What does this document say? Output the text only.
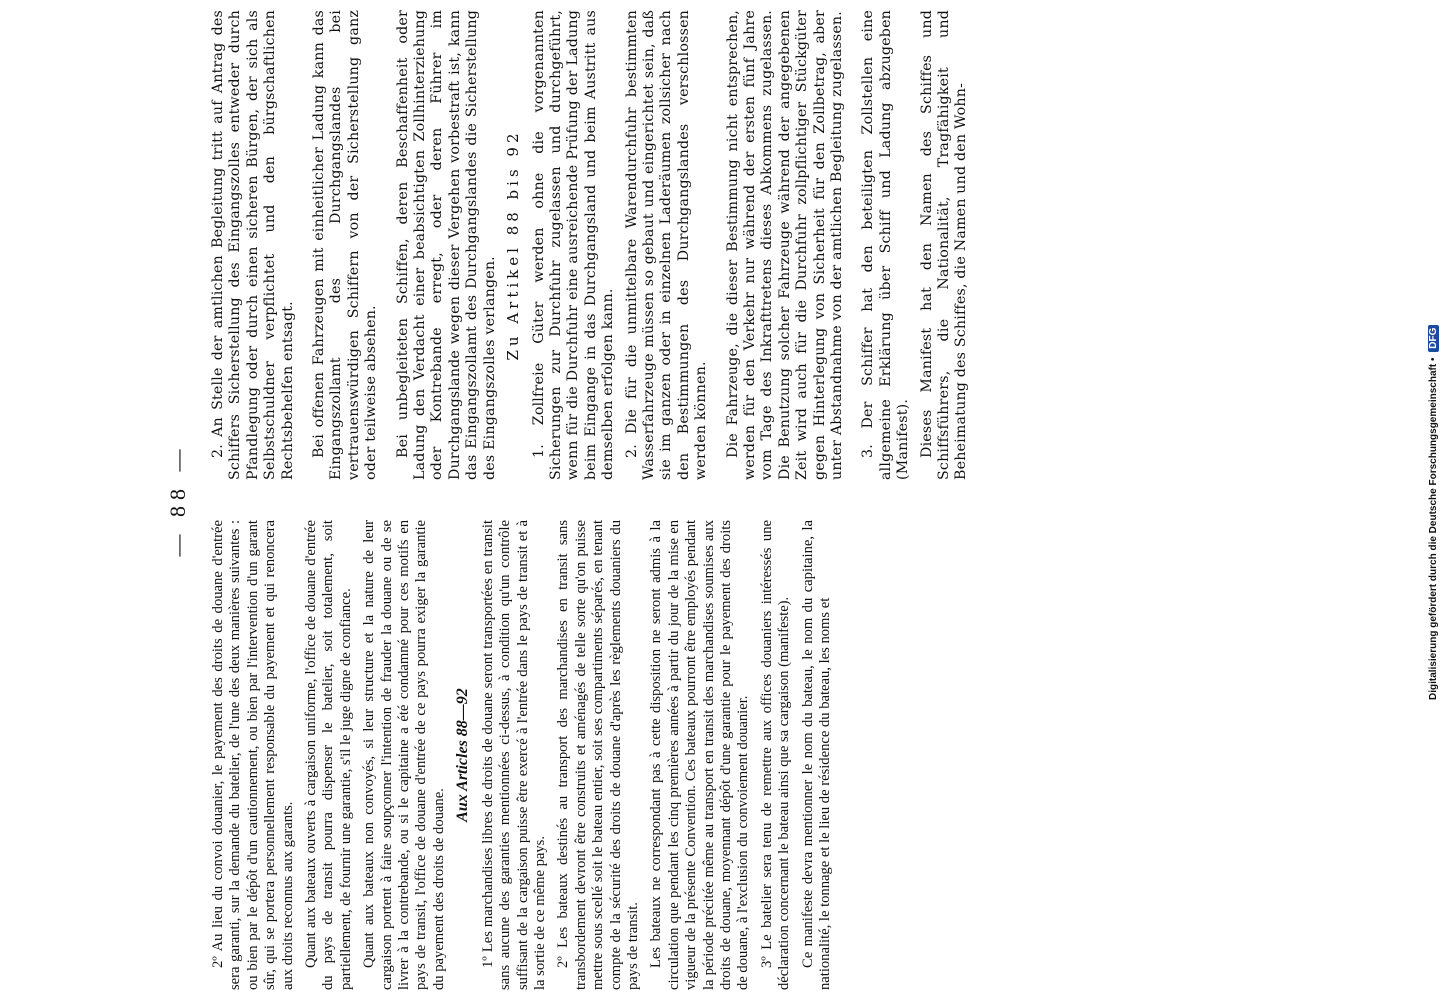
— 88 —

2º Au lieu du convoi douanier, le payement des droits de douane d'entrée sera garanti, sur la demande du batelier, de l'une des deux manières suivantes : ou bien par le dépôt d'un cautionnement, ou bien par l'intervention d'un garant sûr, qui se portera personnellement responsable du payement et qui renoncera aux droits reconnus aux garants. Quant aux bateaux ouverts à cargaison uniforme, l'office de douane d'entrée du pays de transit pourra dispenser le batelier, soit totalement, soit partiellement, de fournir une garantie, s'il le juge digne de confiance. Quant aux bateaux non convoyés, si leur structure et la nature de leur cargaison portent à faire soupçonner l'intention de frauder la douane ou de se livrer à la contrebande, ou si le capitaine a été condamné pour ces motifs en pays de transit, l'office de douane d'entrée de ce pays pourra exiger la garantie du payement des droits de douane.

Aux Articles 88—92 1º Les marchandises libres de droits de douane seront transportées en transit sans aucune des garanties mentionnées ci-dessus, à condition qu'un contrôle suffisant de la cargaison puisse être exercé à l'entrée dans le pays de transit et à la sortie de ce même pays. 2º Les bateaux destinés au transport des marchandises en transit sans transbordement devront être construits et aménagés de telle sorte qu'on puisse mettre sous scellé soit le bateau entier, soit ses compartiments séparés, en tenant compte de la sécurité des droits de douane d'après les règlements douaniers du pays de transit. Les bateaux ne correspondant pas à cette disposition ne seront admis à la circulation que pendant les cinq premières années à partir du jour de la mise en vigueur de la présente Convention. Ces bateaux pourront être employés pendant la période précitée même au transport en transit des marchandises soumises aux droits de douane, moyennant dépôt d'une garantie pour le payement des droits de douane, à l'exclusion du convoiement douanier. 3º Le batelier sera tenu de remettre aux offices douaniers intéressés une déclaration concernant le bateau ainsi que sa cargaison (manifeste). Ce manifeste devra mentionner le nom du bateau, le nom du capitaine, la nationalité, le tonnage et le lieu de résidence du bateau, les noms et

2. An Stelle der amtlichen Begleitung tritt auf Antrag des Schiffers Sicherstellung des Eingangszolles entweder durch Pfandlegung oder durch einen sicheren Bürgen, der sich als Selbstschuldner verpflichtet und den bürgschaftlichen Rechtsbehelfen entsagt. Bei offenen Fahrzeugen mit einheitlicher Ladung kann das Eingangszollamt des Durchgangslandes bei vertrauenswürdigen Schiffern von der Sicherstellung ganz oder teilweise absehen. Bei unbegleiteten Schiffen, deren Beschaffenheit oder Ladung den Verdacht einer beabsichtigten Zollhinterziehung oder Kontrebande erregt, oder deren Führer im Durchgangslande wegen dieser Vergehen vorbestraft ist, kann das Eingangszollamt des Durchgangslandes die Sicherstellung des Eingangszolles verlangen.

Zu Artikel 88 bis 92 1. Zollfreie Güter werden ohne die vorgenannten Sicherungen zur Durchfuhr zugelassen und durchgeführt, wenn für die Durchfuhr eine ausreichende Prüfung der Ladung beim Eingange in das Durchgangsland und beim Austritt aus demselben erfolgen kann. 2. Die für die unmittelbare Warendurchfuhr bestimmten Wasserfahrzeuge müssen so gebaut und eingerichtet sein, daß sie im ganzen oder in einzelnen Laderäumen zollsicher nach den Bestimmungen des Durchgangslandes verschlossen werden können. Die Fahrzeuge, die dieser Bestimmung nicht entsprechen, werden für den Verkehr nur während der ersten fünf Jahre vom Tage des Inkrafttretens dieses Abkommens zugelassen. Die Benutzung solcher Fahrzeuge während der angegebenen Zeit wird auch für die Durchfuhr zollpflichtiger Stückgüter gegen Hinterlegung von Sicherheit für den Zollbetrag, aber unter Abstandnahme von der amtlichen Begleitung zugelassen. 3. Der Schiffer hat den beteiligten Zollstellen eine allgemeine Erklärung über Schiff und Ladung abzugeben (Manifest). Dieses Manifest hat den Namen des Schiffes und Schiffsführers, die Nationalität, Tragfähigkeit und Beheimatung des Schiffes, die Namen und den Wohn-

Digitalisierung gefördert durch die Deutsche Forschungsgemeinschaft • DFG
